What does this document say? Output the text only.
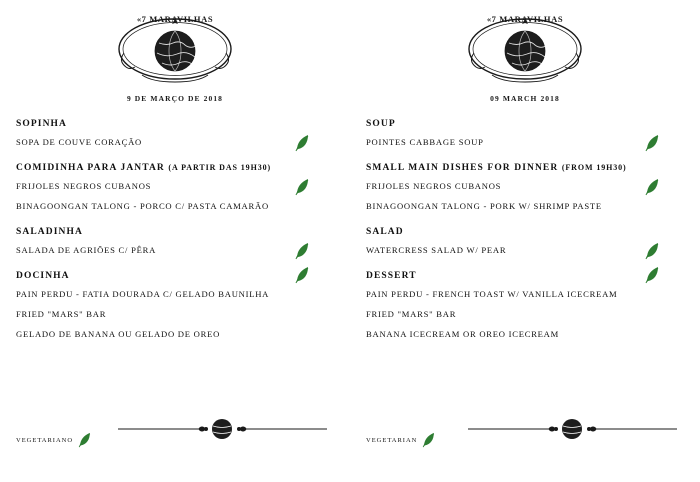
«7 MARAVILHAS
9 DE MARÇO DE 2018
SOPINHA
SOPA DE COUVE CORAÇÃO
COMIDINHA PARA JANTAR (A PARTIR DAS 19H30)
FRIJOLES NEGROS CUBANOS
BINAGOONGAN TALONG - PORCO C/ PASTA CAMARÃO
SALADINHA
SALADA DE AGRIÕES C/ PÊRA
DOCINHA
PAIN PERDU - FATIA DOURADA C/ GELADO BAUNILHA
FRIED "MARS" BAR
GELADO DE BANANA OU GELADO DE OREO
VEGETARIANO
«7 MARAVILHAS
09 MARCH 2018
SOUP
POINTES CABBAGE SOUP
SMALL MAIN DISHES FOR DINNER (FROM 19H30)
FRIJOLES NEGROS CUBANOS
BINAGOONGAN TALONG - PORK W/ SHRIMP PASTE
SALAD
WATERCRESS SALAD W/ PEAR
DESSERT
PAIN PERDU - FRENCH TOAST W/ VANILLA ICECREAM
FRIED "MARS" BAR
BANANA ICECREAM OR OREO ICECREAM
VEGETARIAN
